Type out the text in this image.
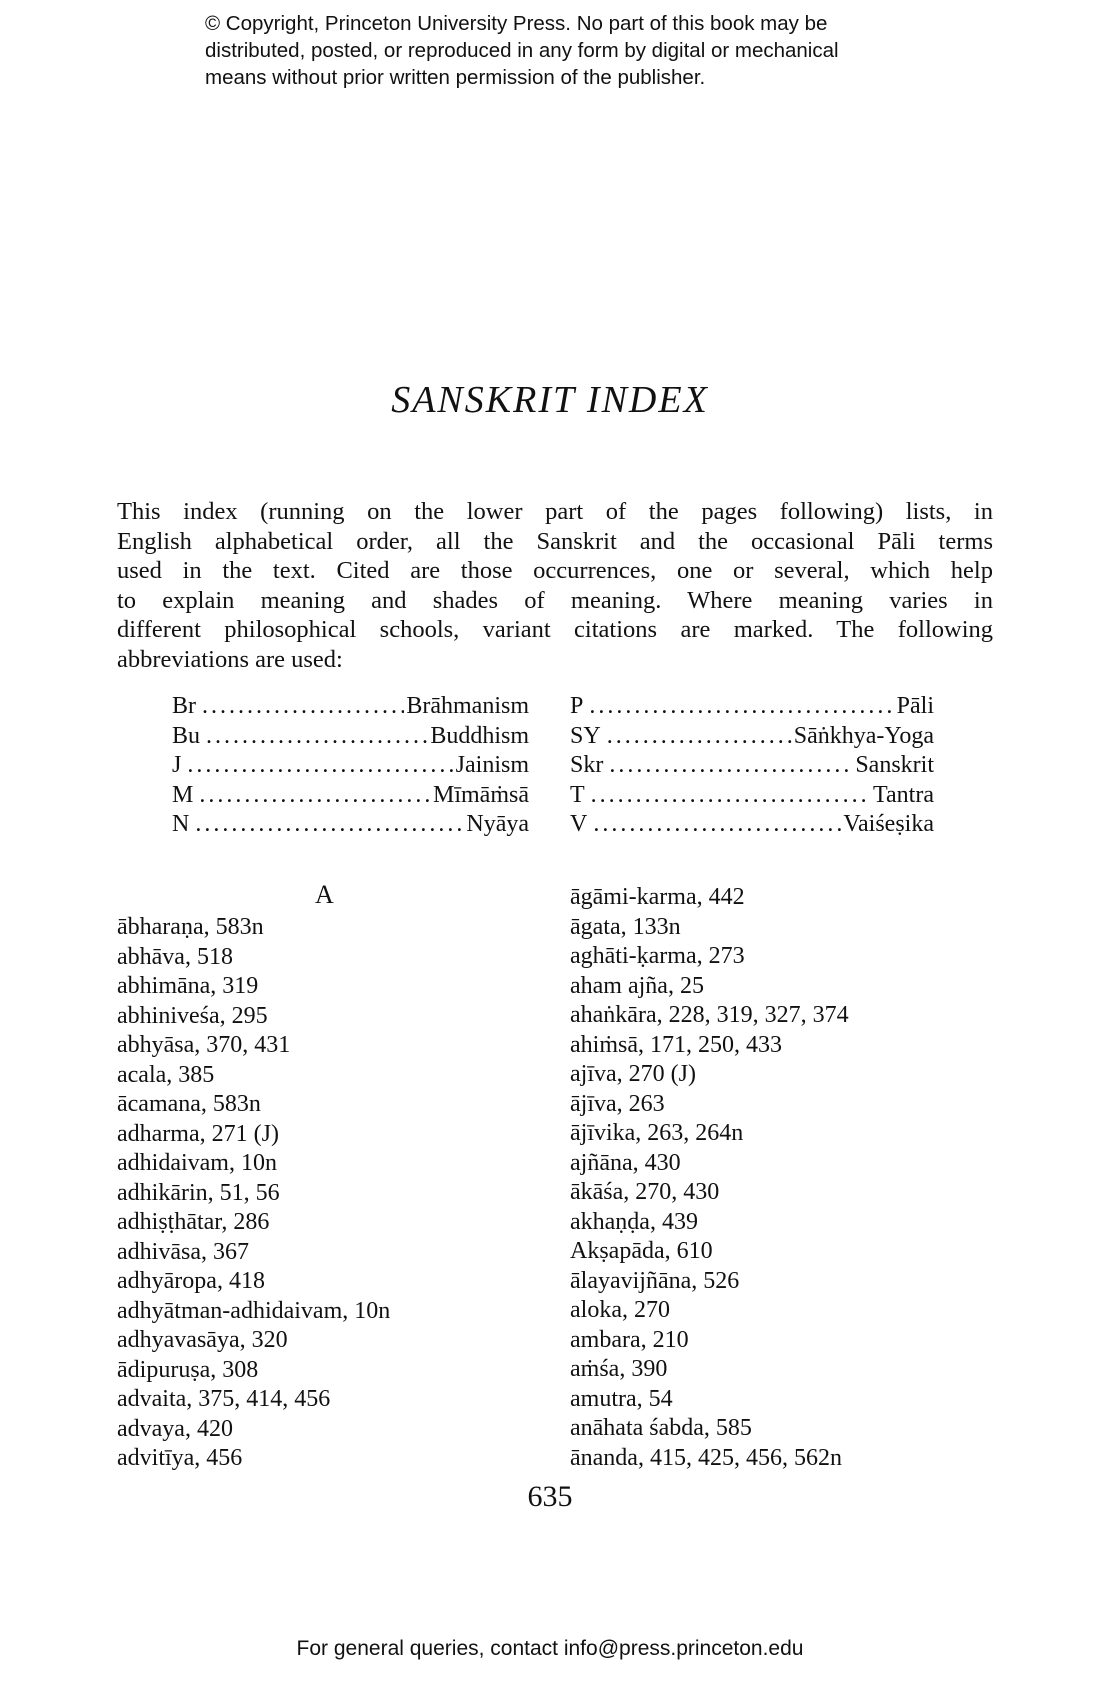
© Copyright, Princeton University Press. No part of this book may be
distributed, posted, or reproduced in any form by digital or mechanical
means without prior written permission of the publisher.
SANSKRIT INDEX
This index (running on the lower part of the pages following) lists, in
English alphabetical order, all the Sanskrit and the occasional Pāli terms
used in the text. Cited are those occurrences, one or several, which help
to explain meaning and shades of meaning. Where meaning varies in
different philosophical schools, variant citations are marked. The following
abbreviations are used:
Br .....	Brāhmanism
Bu .....	Buddhism
J .....	Jainism
M .....	Mīmāṁsā
N .....	Nyāya
P .....	Pāli
SY .....	Sāṅkhya-Yoga
Skr .....	Sanskrit
T .....	Tantra
V .....	Vaiśeṣika
A
ābharaṇa, 583n
abhāva, 518
abhimāna, 319
abhiniveśa, 295
abhyāsa, 370, 431
acala, 385
ācamana, 583n
adharma, 271 (J)
adhidaivam, 10n
adhikārin, 51, 56
adhiṣṭhātar, 286
adhivāsa, 367
adhyāropa, 418
adhyātman-adhidaivam, 10n
adhyavasāya, 320
ādipuruṣa, 308
advaita, 375, 414, 456
advaya, 420
advitīya, 456
āgāmi-karma, 442
āgata, 133n
aghāti-ḳarma, 273
aham ajña, 25
ahaṅkāra, 228, 319, 327, 374
ahiṁsā, 171, 250, 433
ajīva, 270 (J)
ājīva, 263
ājīvika, 263, 264n
ajñāna, 430
ākāśa, 270, 430
akhaṇḍa, 439
Akṣapāda, 610
ālayavijñāna, 526
aloka, 270
ambara, 210
aṁśa, 390
amutra, 54
anāhata śabda, 585
ānanda, 415, 425, 456, 562n
635
For general queries, contact info@press.princeton.edu
